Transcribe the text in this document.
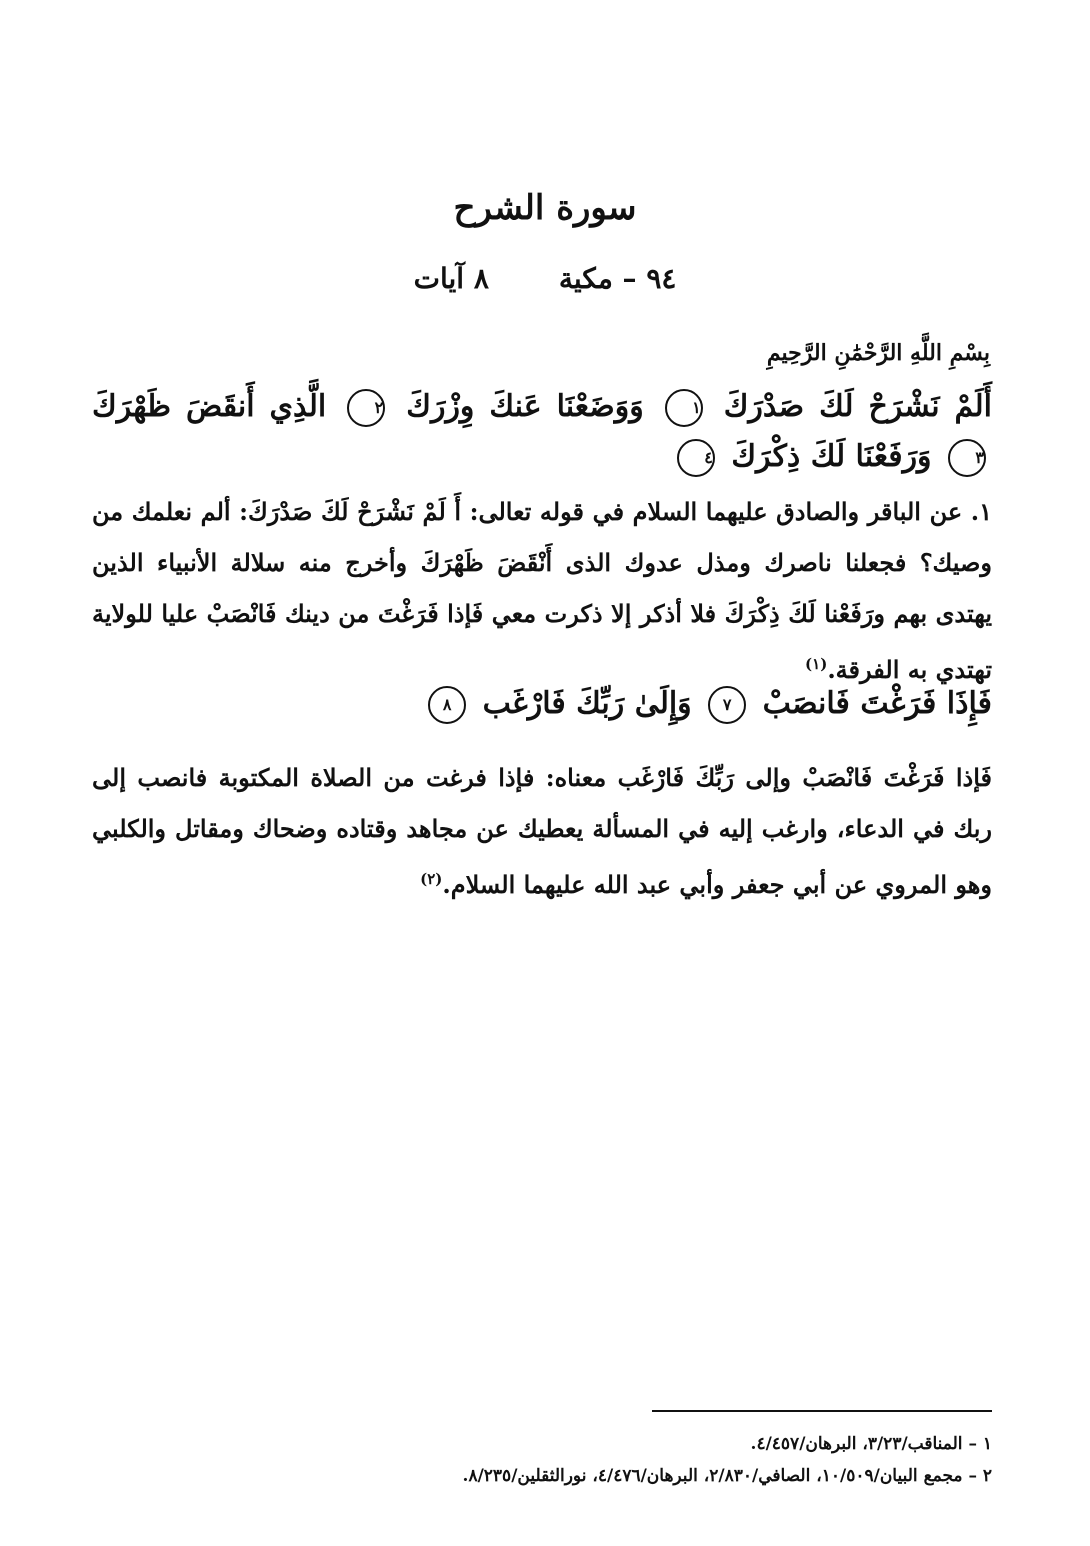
سورة الشرح
٩٤ – مكية
٨ آيات
بِسْمِ اللَّهِ الرَّحْمَٰنِ الرَّحِيمِ
أَلَمْ نَشْرَحْ لَكَ صَدْرَكَ ١ وَوَضَعْنَا عَنكَ وِزْرَكَ ٢ الَّذِي أَنقَضَ ظَهْرَكَ ٣ وَرَفَعْنَا لَكَ ذِكْرَكَ ٤
١. عن الباقر والصادق عليهما السلام في قوله تعالى: أَ لَمْ نَشْرَحْ لَكَ صَدْرَكَ: ألم نعلمك من وصيك؟ فجعلنا ناصرك ومذل عدوك الذى أَنْقَضَ ظَهْرَكَ وأخرج منه سلالة الأنبياء الذين يهتدى بهم ورَفَعْنا لَكَ ذِكْرَكَ فلا أذكر إلا ذكرت معي فَإذا فَرَغْتَ من دينك فَانْصَبْ عليا للولاية تهتدي به الفرقة.$^{(١)}$
فَإِذَا فَرَغْتَ فَانصَبْ ٧ وَإِلَىٰ رَبِّكَ فَارْغَب ٨
فَإذا فَرَغْتَ فَانْصَبْ وإلى رَبِّكَ فَارْغَب معناه: فإذا فرغت من الصلاة المكتوبة فانصب إلى ربك في الدعاء، وارغب إليه في المسألة يعطيك عن مجاهد وقتاده وضحاك ومقاتل والكلبي وهو المروي عن أبي جعفر وأبي عبد الله عليهما السلام.$^{(٢)}$
١ – المناقب/٣/٢٣، البرهان/٤/٤٥٧.
٢ – مجمع البيان/١٠/٥٠٩، الصافي/٢/٨٣٠، البرهان/٤/٤٧٦، نورالثقلين/٨/٢٣٥.
